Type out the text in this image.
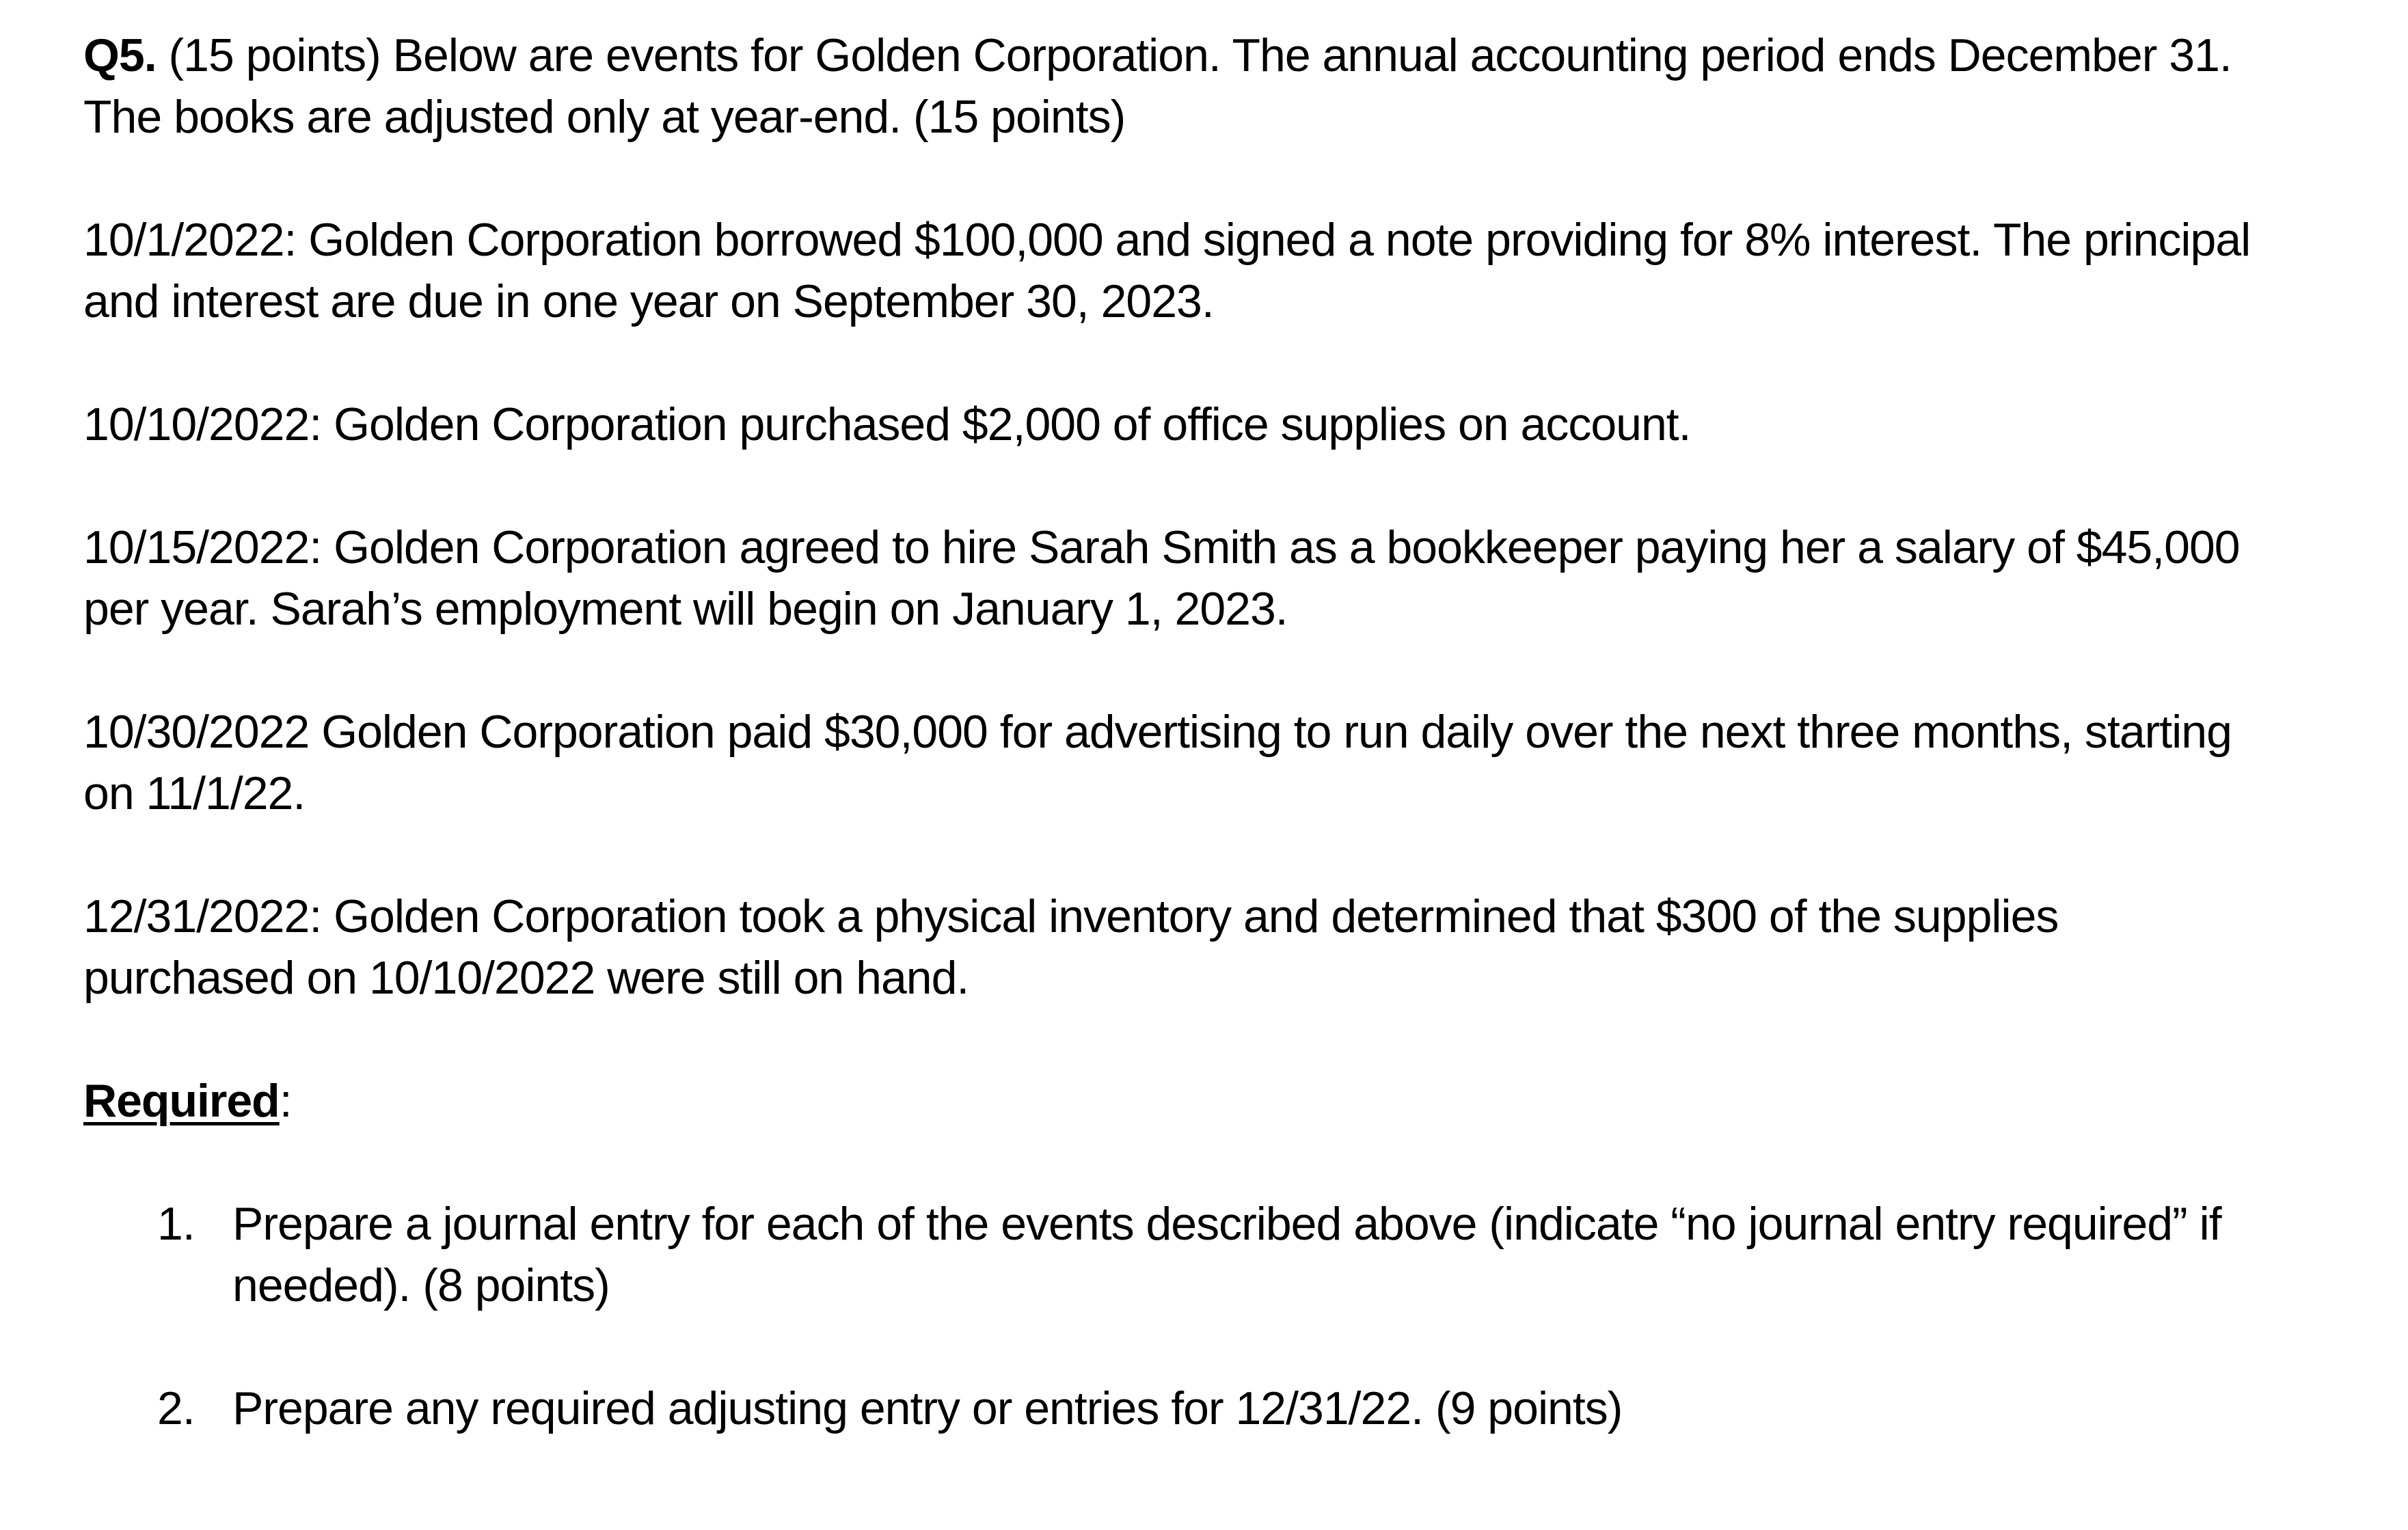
Q5. (15 points) Below are events for Golden Corporation. The annual accounting period ends December 31.
The books are adjusted only at year-end. (15 points)
10/1/2022: Golden Corporation borrowed $100,000 and signed a note providing for 8% interest. The principal
and interest are due in one year on September 30, 2023.
10/10/2022: Golden Corporation purchased $2,000 of office supplies on account.
10/15/2022: Golden Corporation agreed to hire Sarah Smith as a bookkeeper paying her a salary of $45,000
per year. Sarah’s employment will begin on January 1, 2023.
10/30/2022 Golden Corporation paid $30,000 for advertising to run daily over the next three months, starting
on 11/1/22.
12/31/2022: Golden Corporation took a physical inventory and determined that $300 of the supplies
purchased on 10/10/2022 were still on hand.
Required:
1. Prepare a journal entry for each of the events described above (indicate “no journal entry required” if
needed). (8 points)
2. Prepare any required adjusting entry or entries for 12/31/22. (9 points)
